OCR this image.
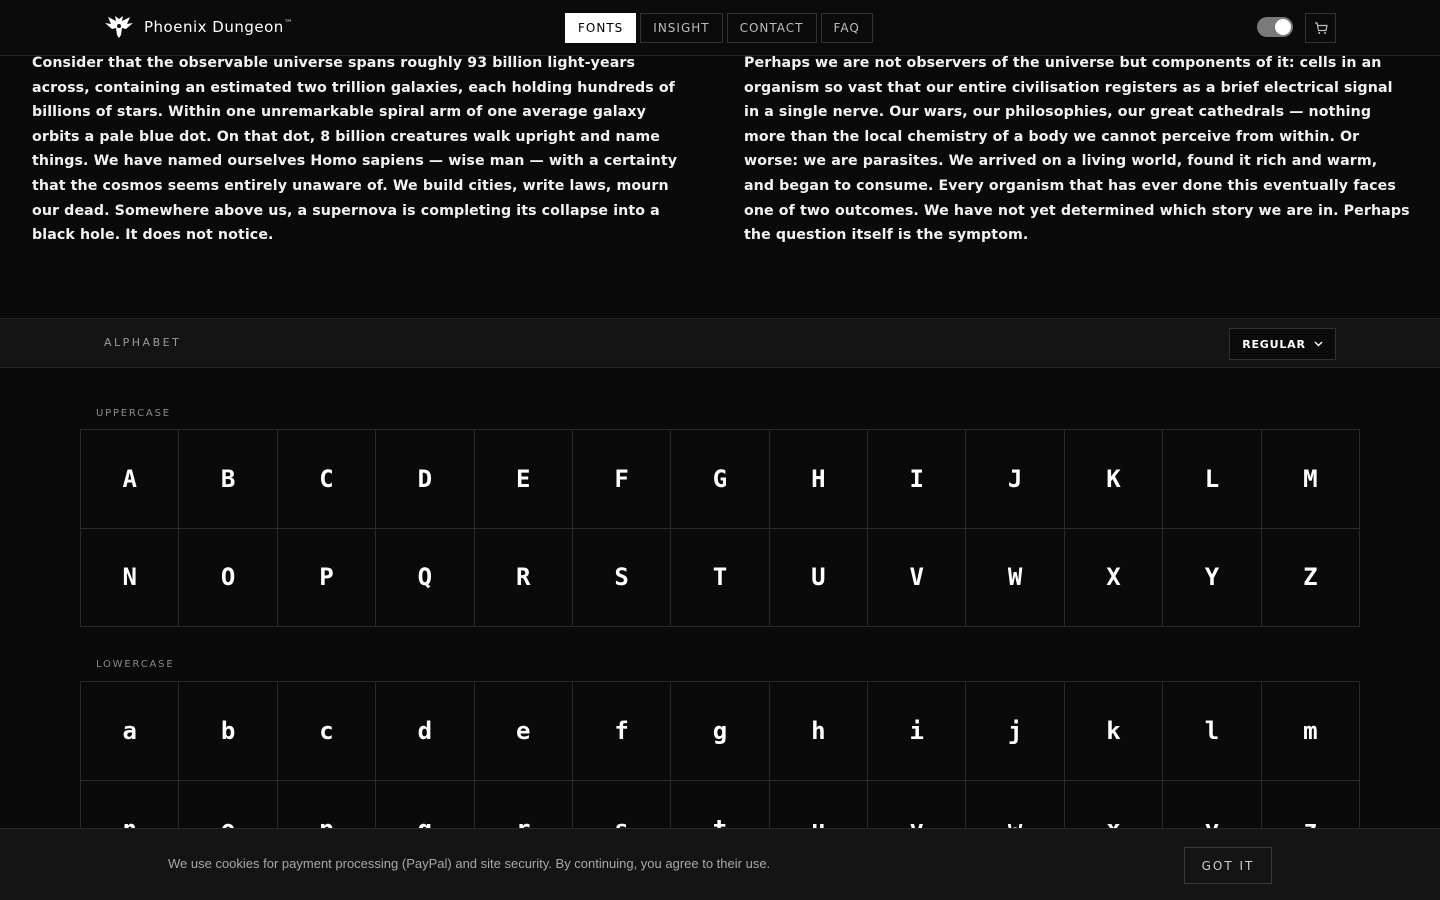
Phoenix Dungeon™	FONTS	INSIGHT	CONTACT	FAQ

Consider that the observable universe spans roughly 93 billion light-years across, containing an estimated two trillion galaxies, each holding hundreds of billions of stars. Within one unremarkable spiral arm of one average galaxy orbits a pale blue dot. On that dot, 8 billion creatures walk upright and name things. We have named ourselves Homo sapiens — wise man — with a certainty that the cosmos seems entirely unaware of. We build cities, write laws, mourn our dead. Somewhere above us, a supernova is completing its collapse into a black hole. It does not notice.

Perhaps we are not observers of the universe but components of it: cells in an organism so vast that our entire civilisation registers as a brief electrical signal in a single nerve. Our wars, our philosophies, our great cathedrals — nothing more than the local chemistry of a body we cannot perceive from within. Or worse: we are parasites. We arrived on a living world, found it rich and warm, and began to consume. Every organism that has ever done this eventually faces one of two outcomes. We have not yet determined which story we are in. Perhaps the question itself is the symptom.

ALPHABET	REGULAR
UPPERCASE
A	B	C	D	E	F	G	H	I	J	K	L	M
N	O	P	Q	R	S	T	U	V	W	X	Y	Z
LOWERCASE
a	b	c	d	e	f	g	h	i	j	k	l	m
We use cookies for payment processing (PayPal) and site security. By continuing, you agree to their use.	GOT IT
